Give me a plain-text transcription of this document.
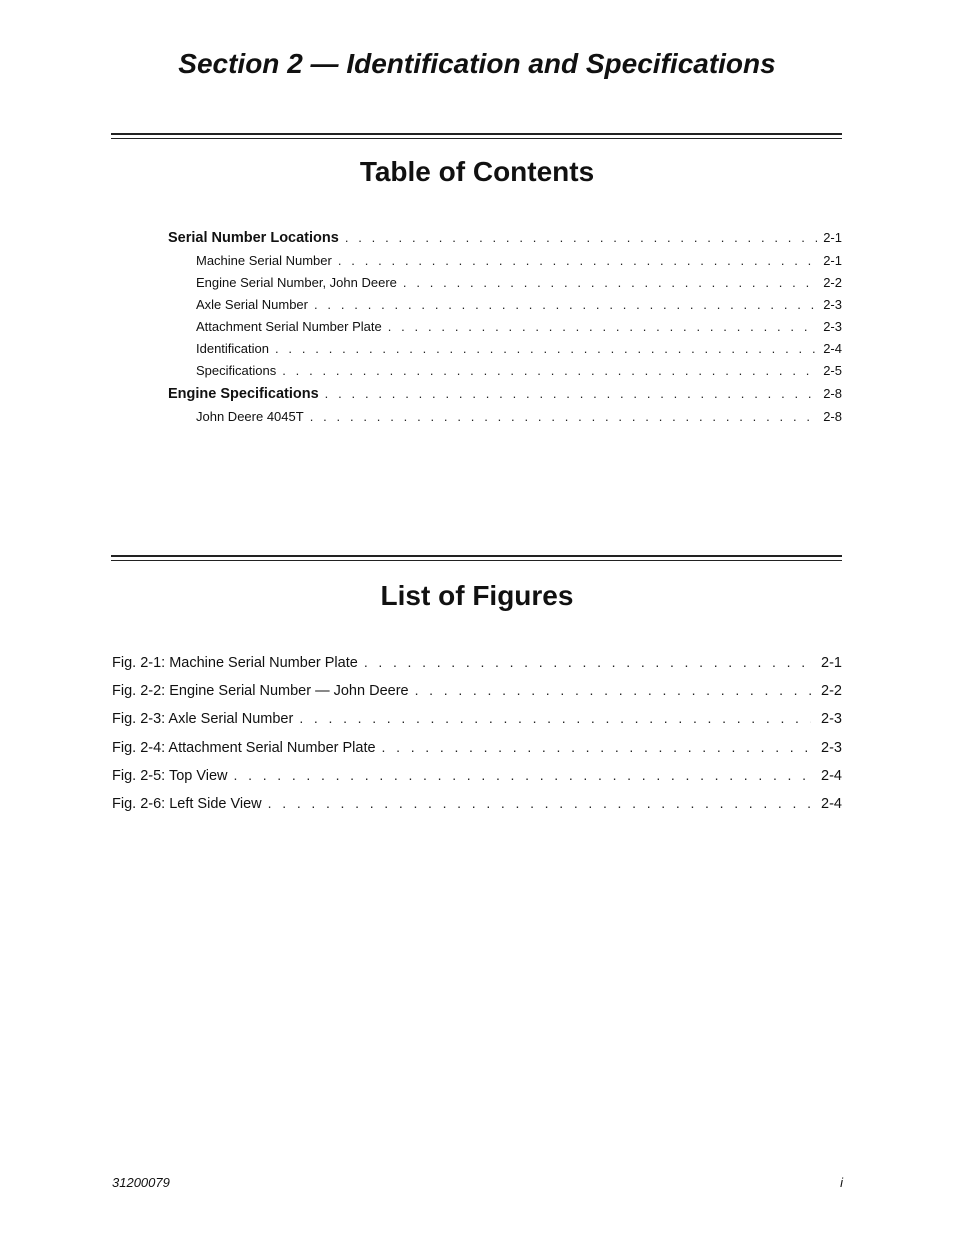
Section 2 — Identification and Specifications
Table of Contents
Serial Number Locations . . .	2-1
Machine Serial Number . . .	2-1
Engine Serial Number, John Deere . . .	2-2
Axle Serial Number . . .	2-3
Attachment Serial Number Plate . . .	2-3
Identification . . .	2-4
Specifications . . .	2-5
Engine Specifications . . .	2-8
John Deere 4045T . . .	2-8
List of Figures
Fig. 2-1: Machine Serial Number Plate . . .	2-1
Fig. 2-2: Engine Serial Number — John Deere . . .	2-2
Fig. 2-3: Axle Serial Number . . .	2-3
Fig. 2-4: Attachment Serial Number Plate . . .	2-3
Fig. 2-5: Top View . . .	2-4
Fig. 2-6: Left Side View . . .	2-4
31200079	i
